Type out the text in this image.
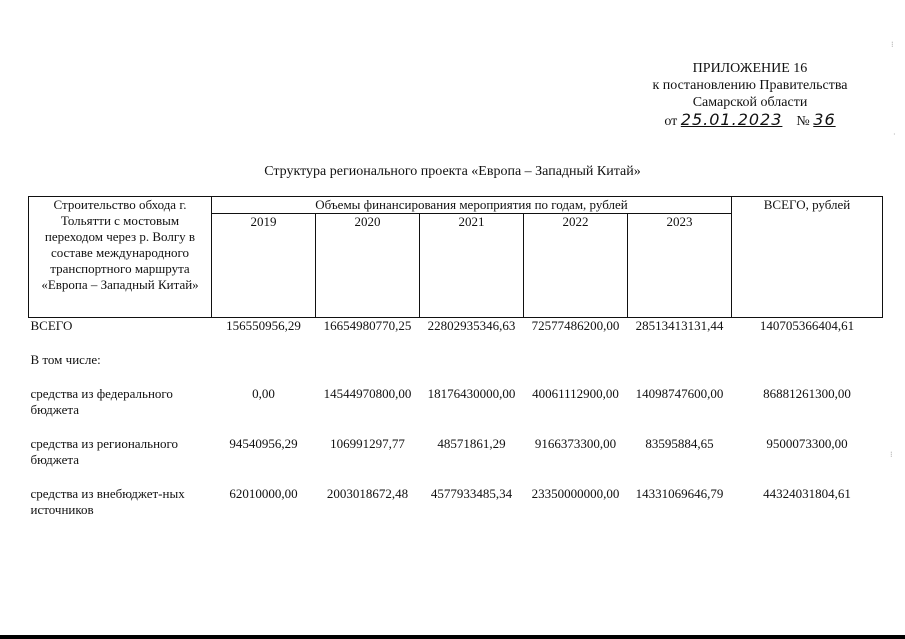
ПРИЛОЖЕНИЕ 16
к постановлению Правительства
Самарской области
от 25.01.2023 № 36
Структура регионального проекта «Европа – Западный Китай»
Строительство обхода г. Тольятти с мостовым переходом через р. Волгу в составе международного транспортного маршрута «Европа – Западный Китай»	Объемы финансирования мероприятия по годам, рублей					ВСЕГО, рублей
	2019	2020	2021	2022	2023	
ВСЕГО	156550956,29	16654980770,25	22802935346,63	72577486200,00	28513413131,44	140705366404,61

В том числе:						

средства из федерального бюджета	0,00	14544970800,00	18176430000,00	40061112900,00	14098747600,00	86881261300,00

средства из регионального бюджета	94540956,29	106991297,77	48571861,29	9166373300,00	83595884,65	9500073300,00

средства из внебюджет-ных источников	62010000,00	2003018672,48	4577933485,34	23350000000,00	14331069646,79	44324031804,61
⁝
·
⁝
